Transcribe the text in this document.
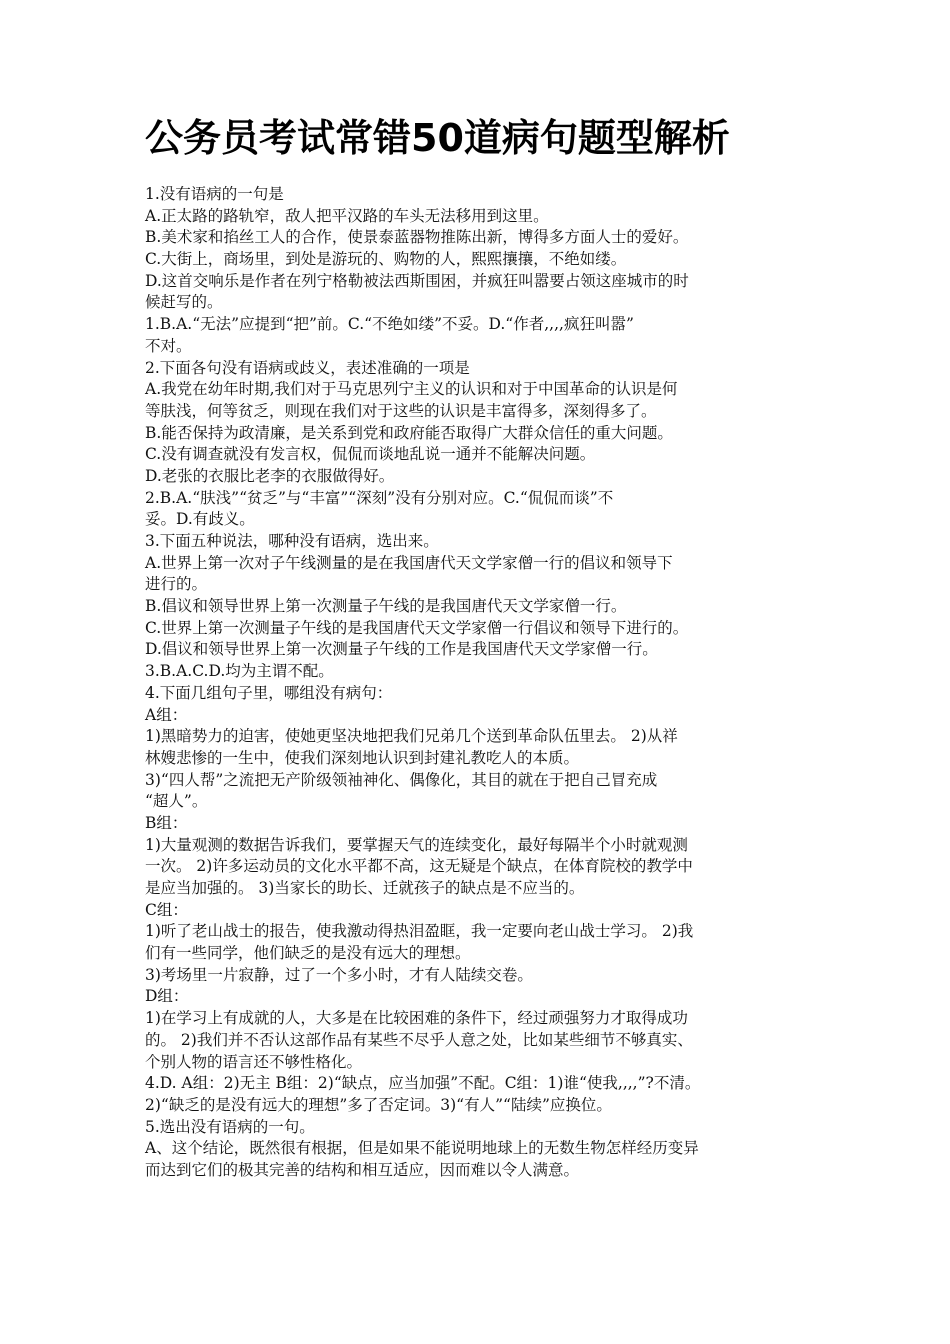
公务员考试常错50道病句题型解析
1.没有语病的一句是
A.正太路的路轨窄，敌人把平汉路的车头无法移用到这里。
B.美术家和掐丝工人的合作，使景泰蓝器物推陈出新，博得多方面人士的爱好。
C.大街上，商场里，到处是游玩的、购物的人，熙熙攘攘，不绝如缕。
D.这首交响乐是作者在列宁格勒被法西斯围困，并疯狂叫嚣要占领这座城市的时
候赶写的。
1.B.A.“无法”应提到“把”前。C.“不绝如缕”不妥。D.“作者,,,,疯狂叫嚣”
不对。
2.下面各句没有语病或歧义，表述准确的一项是
A.我党在幼年时期,我们对于马克思列宁主义的认识和对于中国革命的认识是何
等肤浅，何等贫乏，则现在我们对于这些的认识是丰富得多，深刻得多了。
B.能否保持为政清廉，是关系到党和政府能否取得广大群众信任的重大问题。
C.没有调查就没有发言权，侃侃而谈地乱说一通并不能解决问题。
D.老张的衣服比老李的衣服做得好。
2.B.A.“肤浅”“贫乏”与“丰富”“深刻”没有分别对应。C.“侃侃而谈”不
妥。D.有歧义。
3.下面五种说法，哪种没有语病，选出来。
A.世界上第一次对子午线测量的是在我国唐代天文学家僧一行的倡议和领导下
进行的。
B.倡议和领导世界上第一次测量子午线的是我国唐代天文学家僧一行。
C.世界上第一次测量子午线的是我国唐代天文学家僧一行倡议和领导下进行的。
D.倡议和领导世界上第一次测量子午线的工作是我国唐代天文学家僧一行。
3.B.A.C.D.均为主谓不配。
4.下面几组句子里，哪组没有病句：
A组：
1)黑暗势力的迫害，使她更坚决地把我们兄弟几个送到革命队伍里去。 2)从祥
林嫂悲惨的一生中，使我们深刻地认识到封建礼教吃人的本质。
3)“四人帮”之流把无产阶级领袖神化、偶像化，其目的就在于把自己冒充成
“超人”。
B组：
1)大量观测的数据告诉我们，要掌握天气的连续变化，最好每隔半个小时就观测
一次。 2)许多运动员的文化水平都不高，这无疑是个缺点，在体育院校的教学中
是应当加强的。 3)当家长的助长、迁就孩子的缺点是不应当的。
C组：
1)听了老山战士的报告，使我激动得热泪盈眶，我一定要向老山战士学习。 2)我
们有一些同学，他们缺乏的是没有远大的理想。
3)考场里一片寂静，过了一个多小时，才有人陆续交卷。
D组：
1)在学习上有成就的人，大多是在比较困难的条件下，经过顽强努力才取得成功
的。 2)我们并不否认这部作品有某些不尽乎人意之处，比如某些细节不够真实、
个别人物的语言还不够性格化。
4.D. A组：2)无主 B组：2)“缺点，应当加强”不配。C组：1)谁“使我,,,,”?不清。
2)“缺乏的是没有远大的理想”多了否定词。3)“有人”“陆续”应换位。
5.选出没有语病的一句。
A、这个结论，既然很有根据，但是如果不能说明地球上的无数生物怎样经历变异
而达到它们的极其完善的结构和相互适应，因而难以令人满意。
